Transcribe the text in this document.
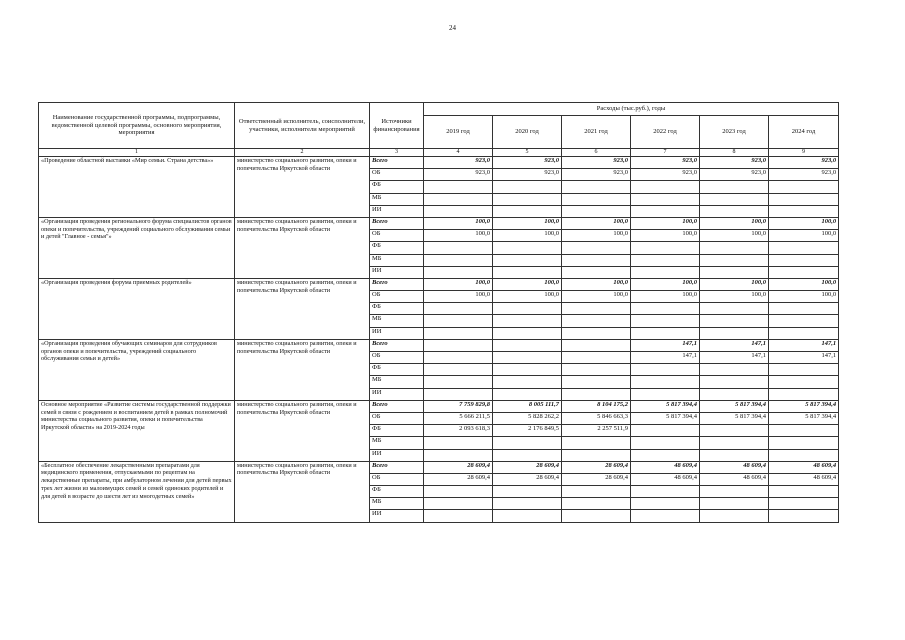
24
Наименование государственной программы, подпрограммы, ведомственной целевой программы, основного мероприятия, мероприятия	Ответственный исполнитель, соисполнители, участники, исполнители мероприятий	Источники финансирования	Расходы (тыс.руб.), годы					
			2019 год	2020 год	2021 год	2022 год	2023 год	2024 год
1	2	3	4	5	6	7	8	9
«Проведение областной выставки «Мир семьи. Страна детства»»	министерство социального развития, опеки и попечительства Иркутской области	Всего	923,0	923,0	923,0	923,0	923,0	923,0
		ОБ	923,0	923,0	923,0	923,0	923,0	923,0
		ФБ						
		МБ						
		ИИ						
«Организация проведения регионального форума специалистов органов опеки и попечительства, учреждений социального обслуживания семьи и детей "Главное - семья"»	министерство социального развития, опеки и попечительства Иркутской области	Всего	100,0	100,0	100,0	100,0	100,0	100,0
		ОБ	100,0	100,0	100,0	100,0	100,0	100,0
		ФБ						
		МБ						
		ИИ						
«Организация проведения форума приемных родителей»	министерство социального развития, опеки и попечительства Иркутской области	Всего	100,0	100,0	100,0	100,0	100,0	100,0
		ОБ	100,0	100,0	100,0	100,0	100,0	100,0
		ФБ						
		МБ						
		ИИ						
«Организация проведения обучающих семинаров для сотрудников органов опеки и попечительства, учреждений социального обслуживания семьи и детей»	министерство социального развития, опеки и попечительства Иркутской области	Всего				147,1	147,1	147,1
		ОБ				147,1	147,1	147,1
		ФБ						
		МБ						
		ИИ						
Основное мероприятие «Развитие системы государственной поддержки семей в связи с рождением и воспитанием детей в рамках полномочий министерства социального развития, опеки и попечительства Иркутской области» на 2019-2024 годы	министерство социального развития, опеки и попечительства Иркутской области	Всего	7 759 829,8	8 005 111,7	8 104 175,2	5 817 394,4	5 817 394,4	5 817 394,4
		ОБ	5 666 211,5	5 828 262,2	5 846 663,3	5 817 394,4	5 817 394,4	5 817 394,4
		ФБ	2 093 618,3	2 176 849,5	2 257 511,9			
		МБ						
		ИИ						
«Бесплатное обеспечение лекарственными препаратами для медицинского применения, отпускаемыми по рецептам на лекарственные препараты, при амбулаторном лечении для детей первых трех лет жизни из малоимущих семей и семей одиноких родителей и для детей в возрасте до шести лет из многодетных семей»	министерство социального развития, опеки и попечительства Иркутской области	Всего	28 609,4	28 609,4	28 609,4	48 609,4	48 609,4	48 609,4
		ОБ	28 609,4	28 609,4	28 609,4	48 609,4	48 609,4	48 609,4
		ФБ						
		МБ						
		ИИ						
